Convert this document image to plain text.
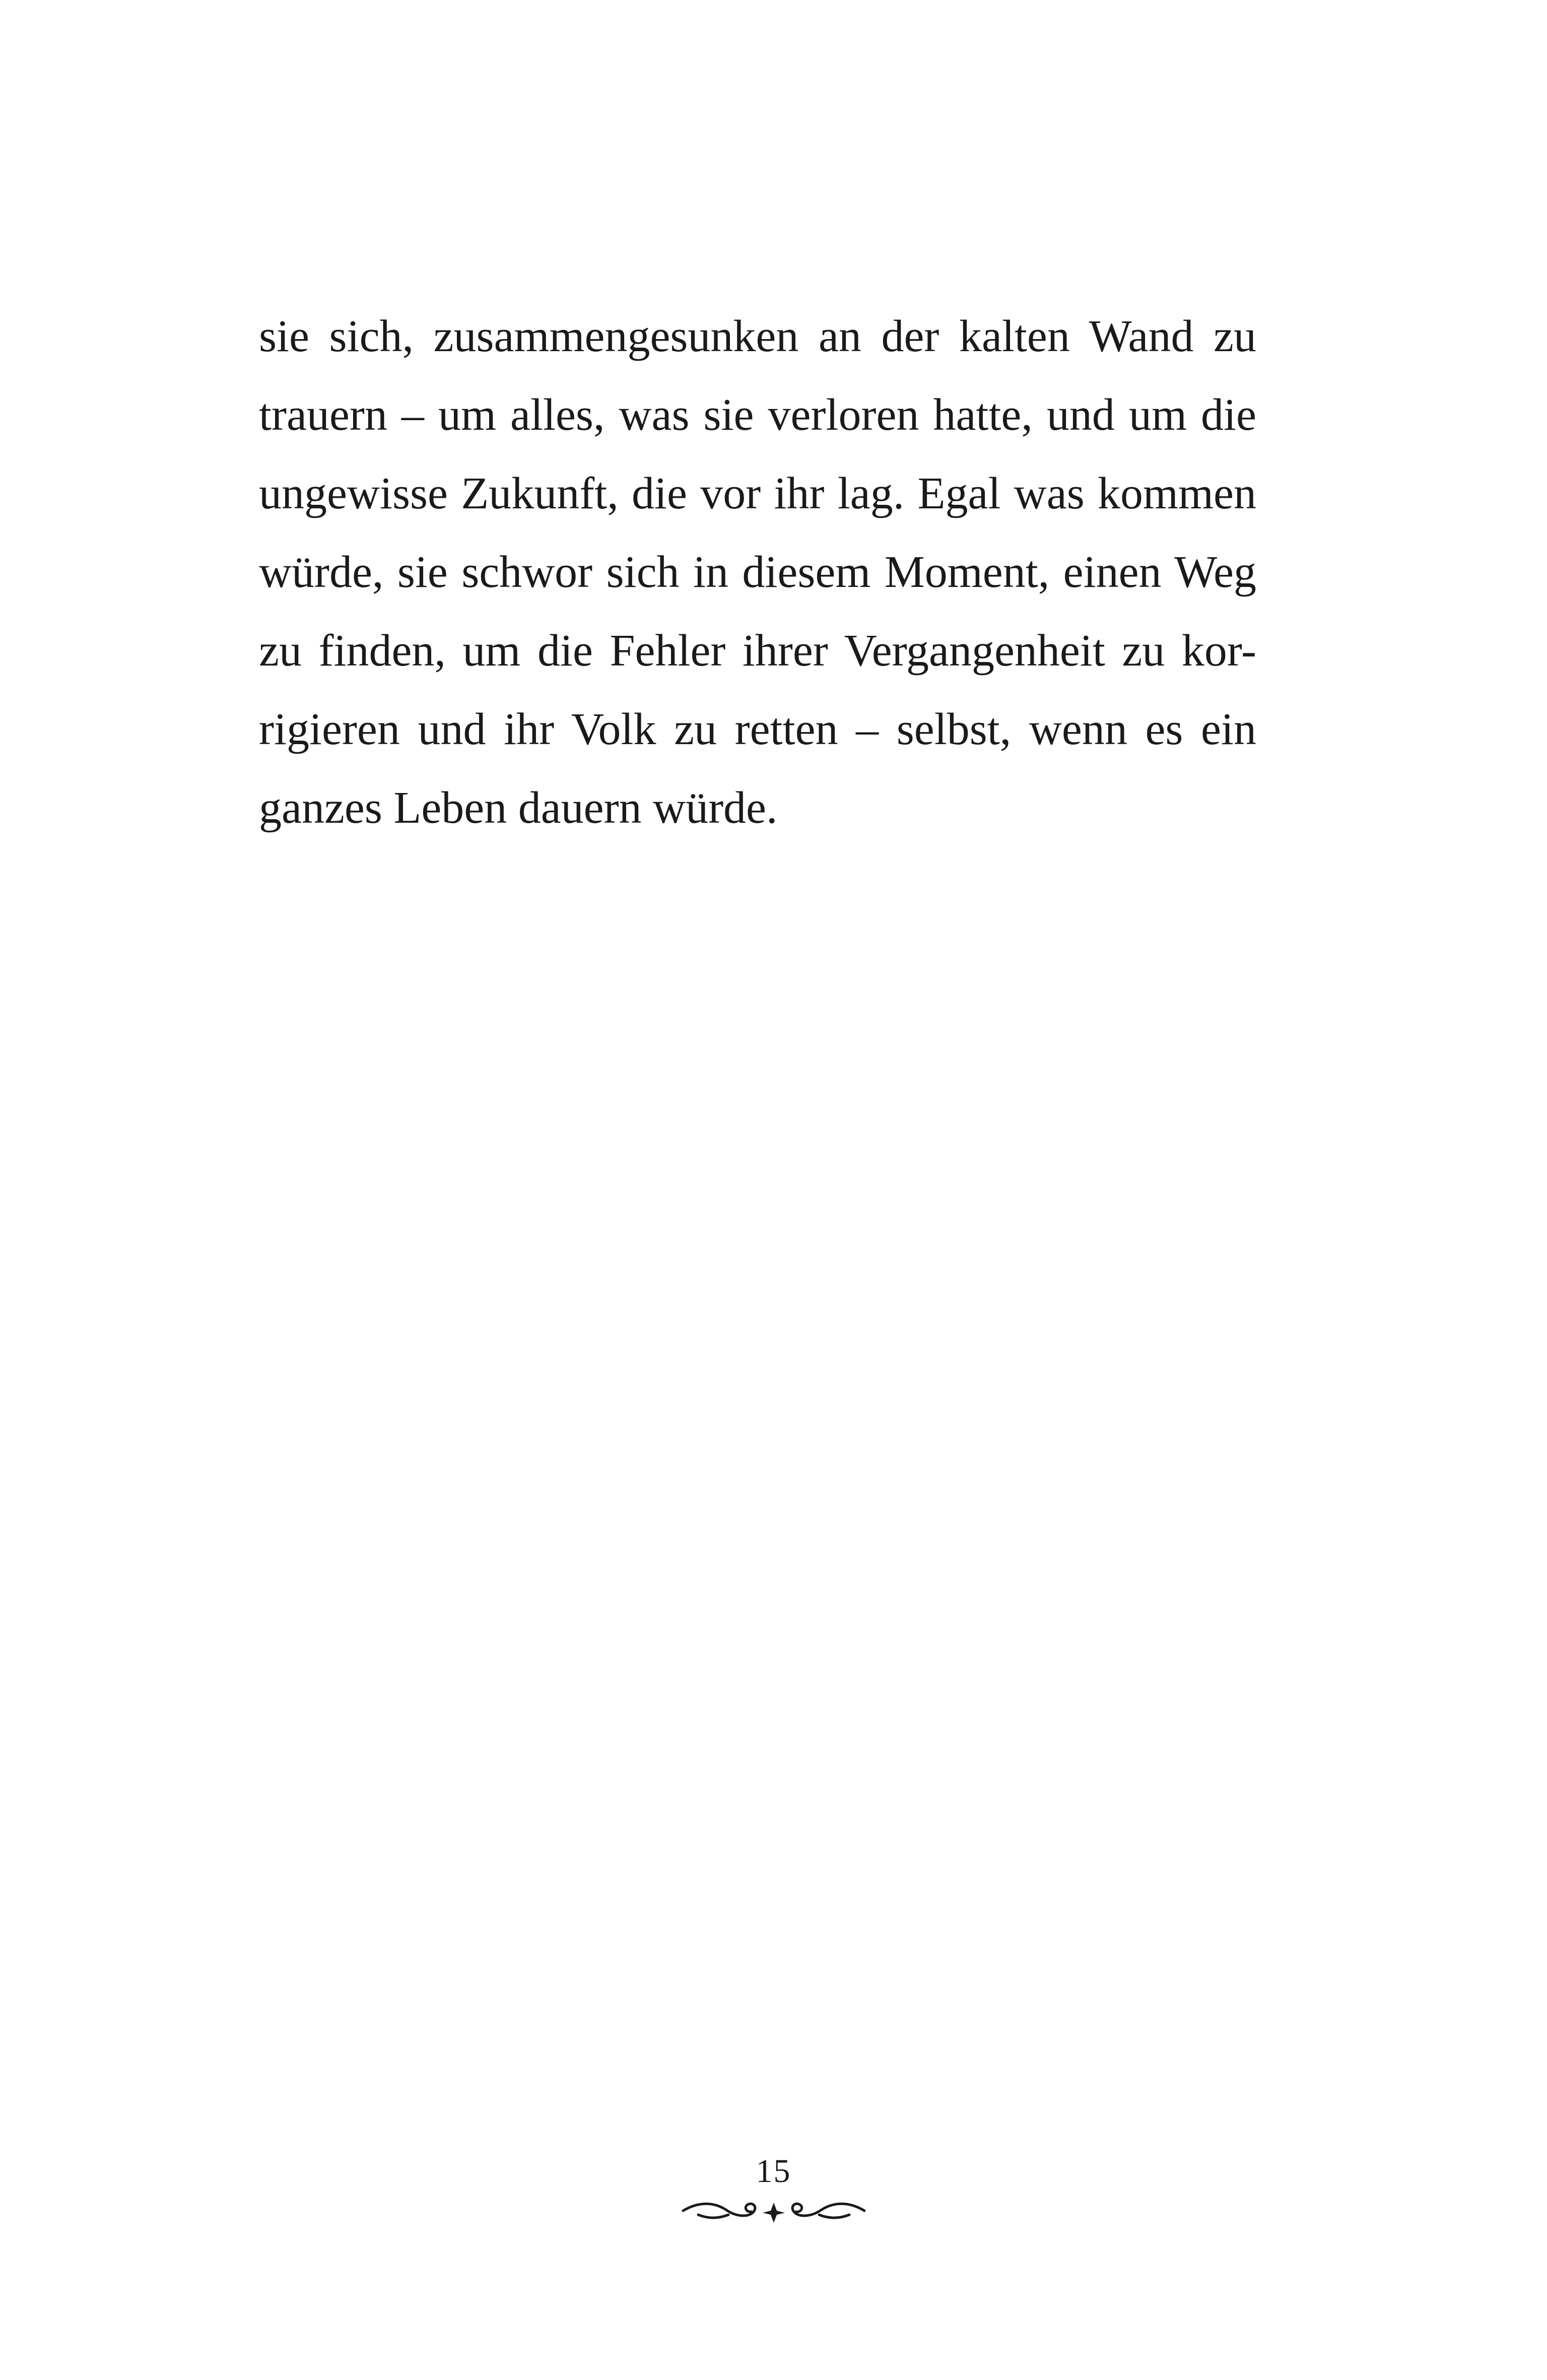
sie sich, zusammengesunken an der kalten Wand zu
trauern – um alles, was sie verloren hatte, und um die
ungewisse Zukunft, die vor ihr lag. Egal was kommen
würde, sie schwor sich in diesem Moment, einen Weg
zu finden, um die Fehler ihrer Vergangenheit zu kor-
rigieren und ihr Volk zu retten – selbst, wenn es ein
ganzes Leben dauern würde.
15
